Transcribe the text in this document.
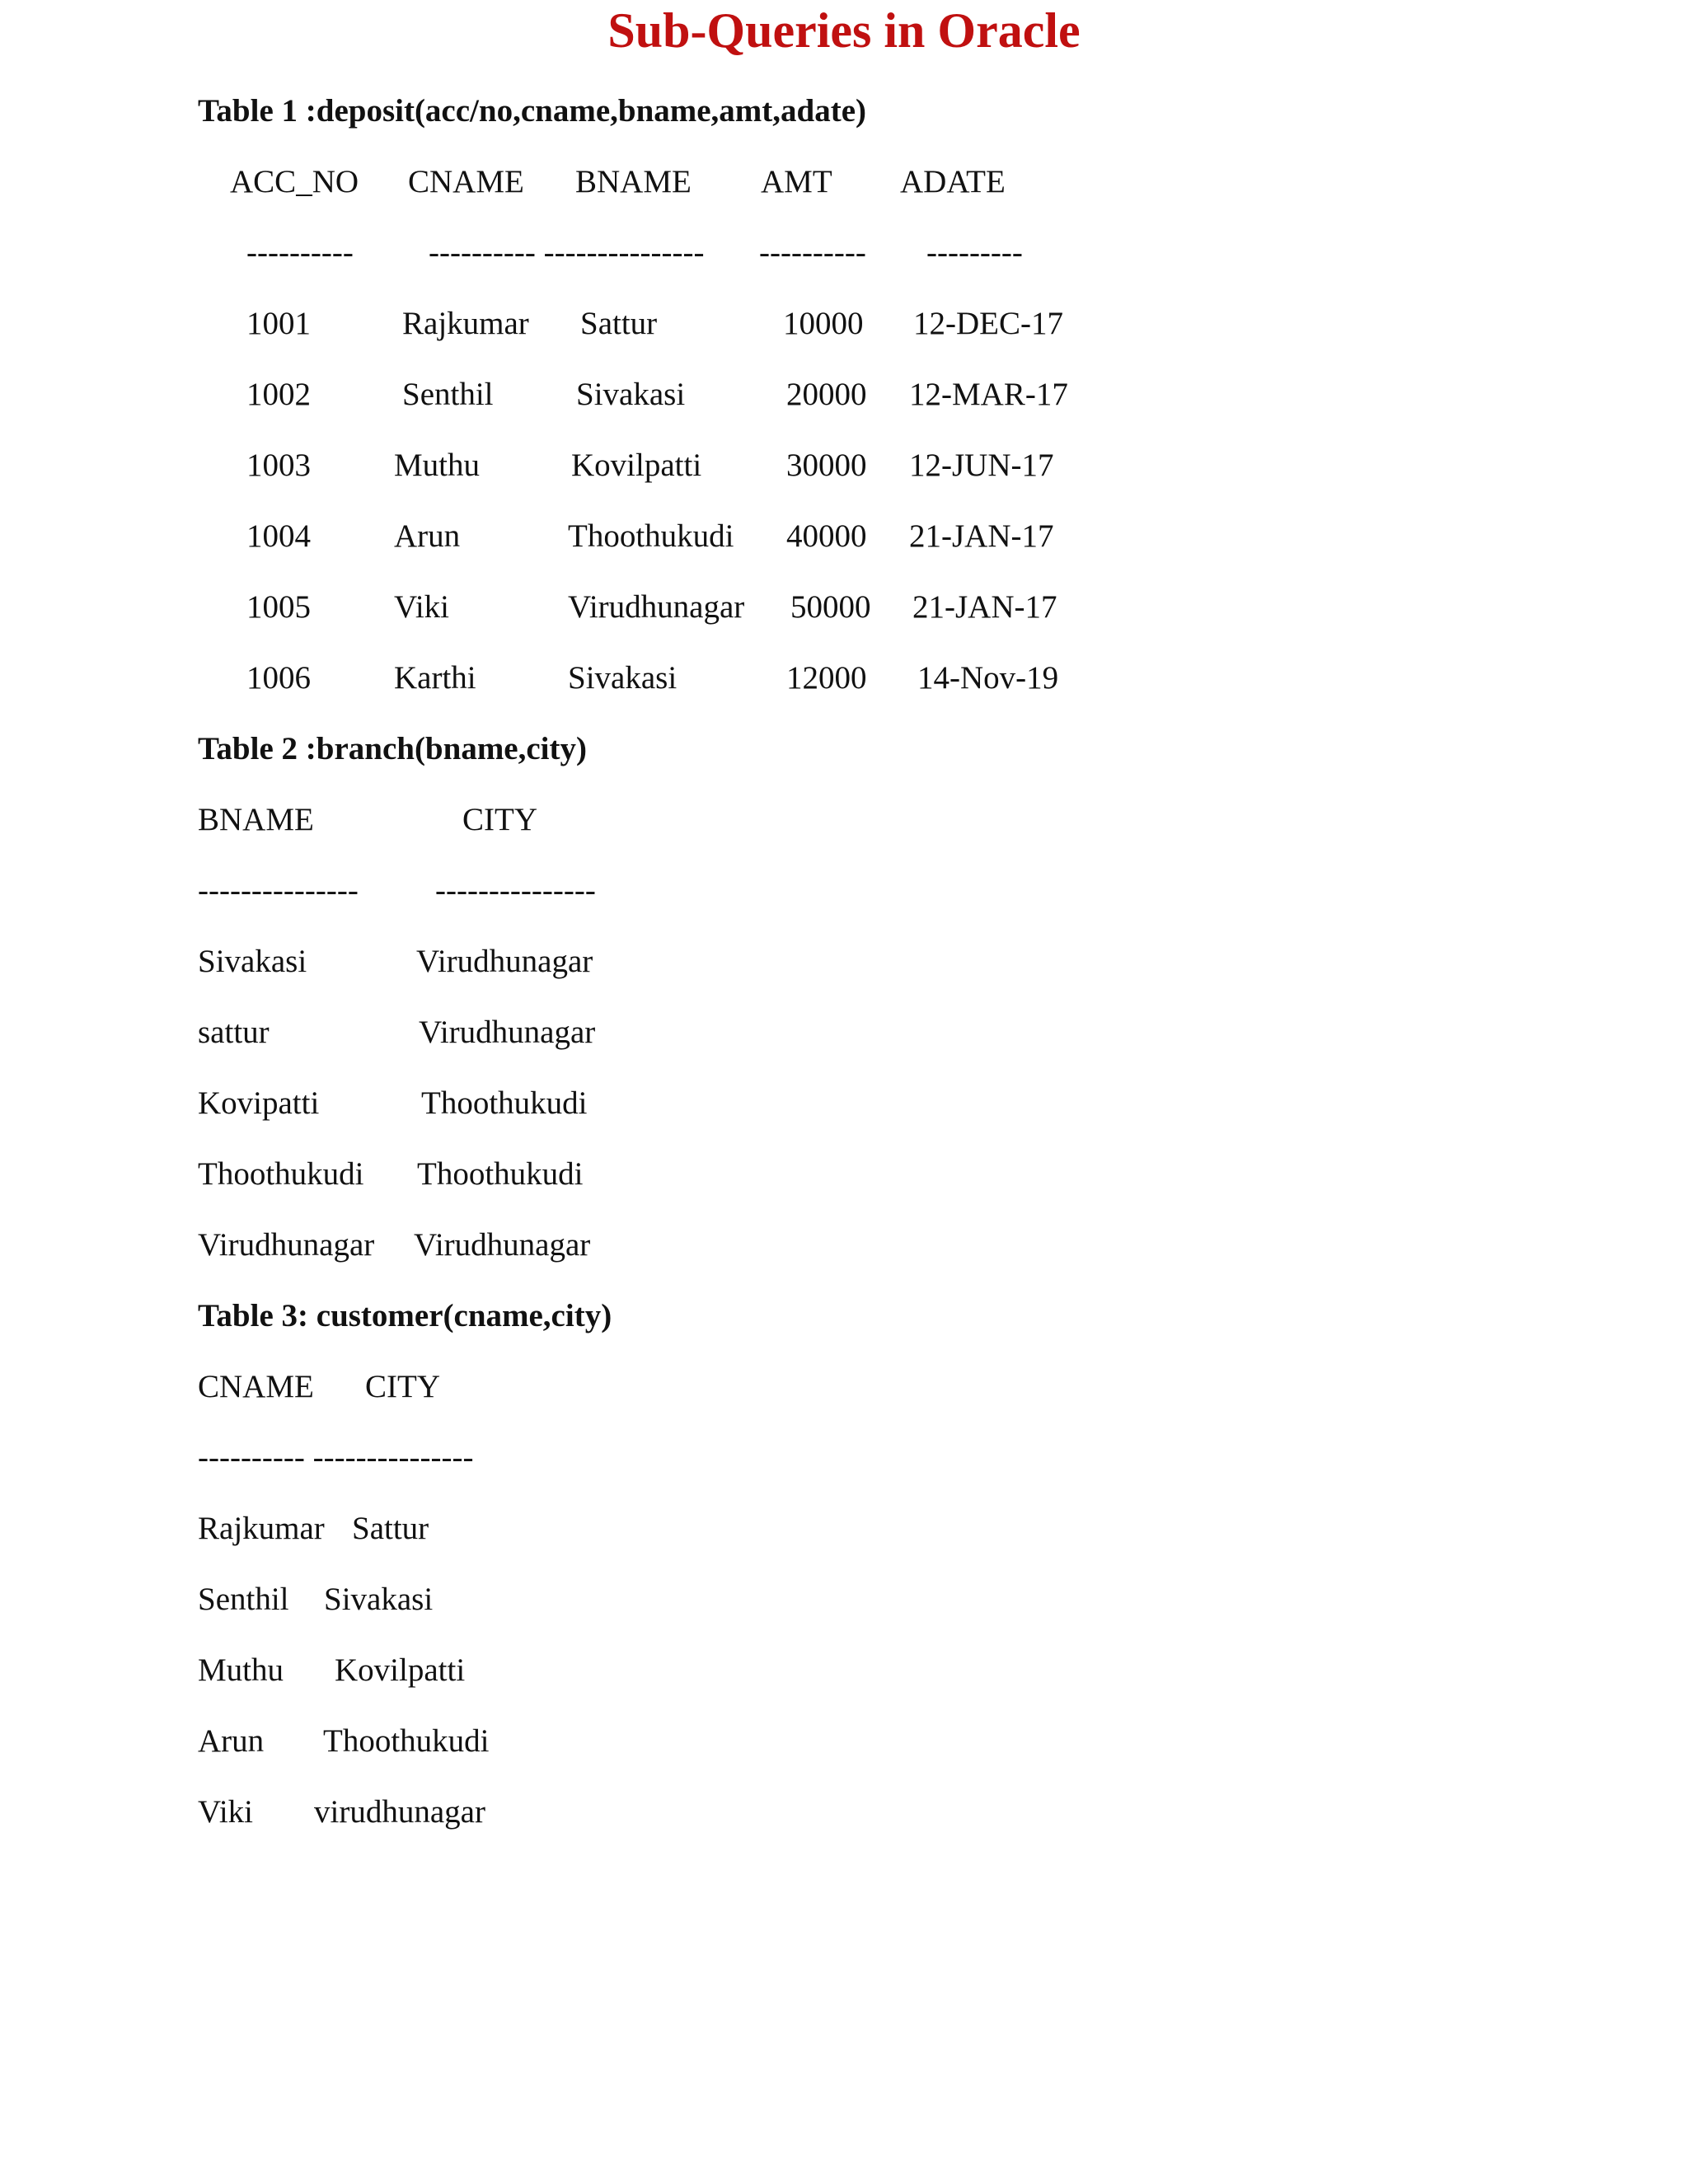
Sub-Queries in Oracle
Table 1 :deposit(acc/no,cname,bname,amt,adate)
ACC_NO CNAME BNAME AMT ADATE
---------- ---------- --------------- ---------- ---------
1001	Rajkumar Sattur	10000 12-DEC-17
1002	Senthil	Sivakasi	20000 12-MAR-17
1003	Muthu	Kovilpatti	30000 12-JUN-17
1004	Arun	Thoothukudi 40000 21-JAN-17
1005	Viki	Virudhunagar 50000 21-JAN-17
1006	Karthi	Sivakasi	12000 14-Nov-19
Table 2 :branch(bname,city)
BNAME	CITY
--------------- ---------------
Sivakasi	Virudhunagar
sattur	Virudhunagar
Kovipatti	Thoothukudi
Thoothukudi Thoothukudi
Virudhunagar Virudhunagar
Table 3: customer(cname,city)
CNAME CITY
---------- ---------------
Rajkumar Sattur
Senthil Sivakasi
Muthu Kovilpatti
Arun Thoothukudi
Viki virudhunagar
